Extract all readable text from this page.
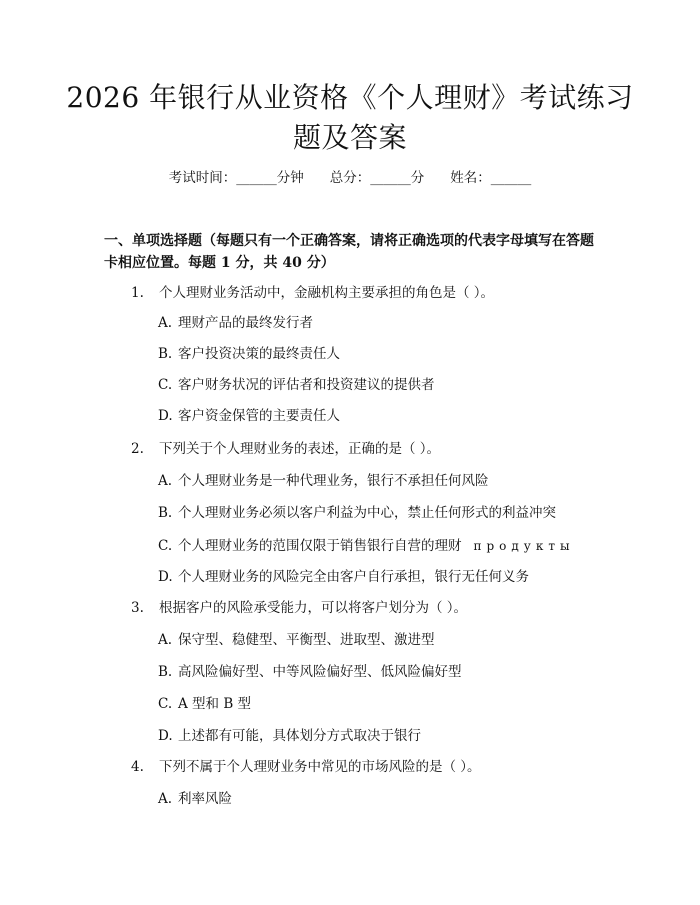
2026 年银行从业资格《个人理财》考试练习
题及答案
考试时间：______分钟 总分：______分 姓名：______
一、单项选择题（每题只有一个正确答案，请将正确选项的代表字母填写在答题
卡相应位置。每题 1 分，共 40 分）
1. 个人理财业务活动中，金融机构主要承担的角色是（ ）。
A. 理财产品的最终发行者
B. 客户投资决策的最终责任人
C. 客户财务状况的评估者和投资建议的提供者
D. 客户资金保管的主要责任人
2. 下列关于个人理财业务的表述，正确的是（ ）。
A. 个人理财业务是一种代理业务，银行不承担任何风险
B. 个人理财业务必须以客户利益为中心，禁止任何形式的利益冲突
C. 个人理财业务的范围仅限于销售银行自营的理财 продукты
D. 个人理财业务的风险完全由客户自行承担，银行无任何义务
3. 根据客户的风险承受能力，可以将客户划分为（ ）。
A. 保守型、稳健型、平衡型、进取型、激进型
B. 高风险偏好型、中等风险偏好型、低风险偏好型
C. A 型和 B 型
D. 上述都有可能，具体划分方式取决于银行
4. 下列不属于个人理财业务中常见的市场风险的是（ ）。
A. 利率风险
